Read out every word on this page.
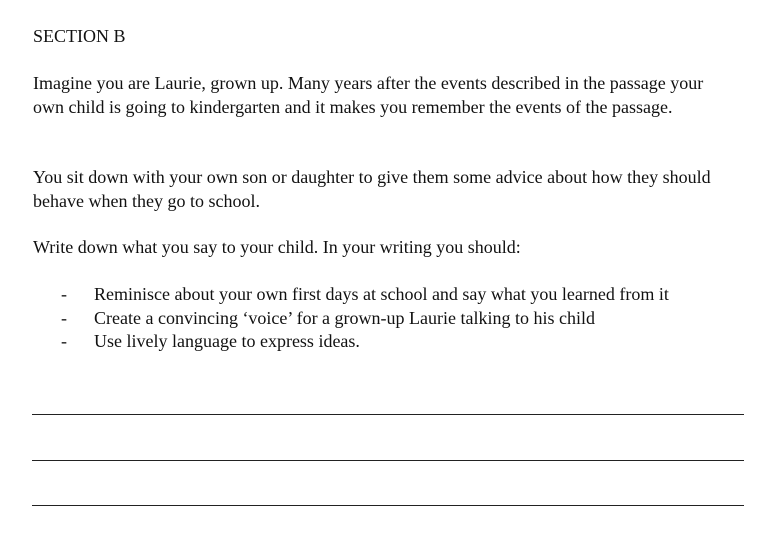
SECTION B

Imagine you are Laurie, grown up. Many years after the events described in the passage your own child is going to kindergarten and it makes you remember the events of the passage.

You sit down with your own son or daughter to give them some advice about how they should behave when they go to school.

Write down what you say to your child. In your writing you should:

- Reminisce about your own first days at school and say what you learned from it
- Create a convincing ‘voice’ for a grown-up Laurie talking to his child
- Use lively language to express ideas.
